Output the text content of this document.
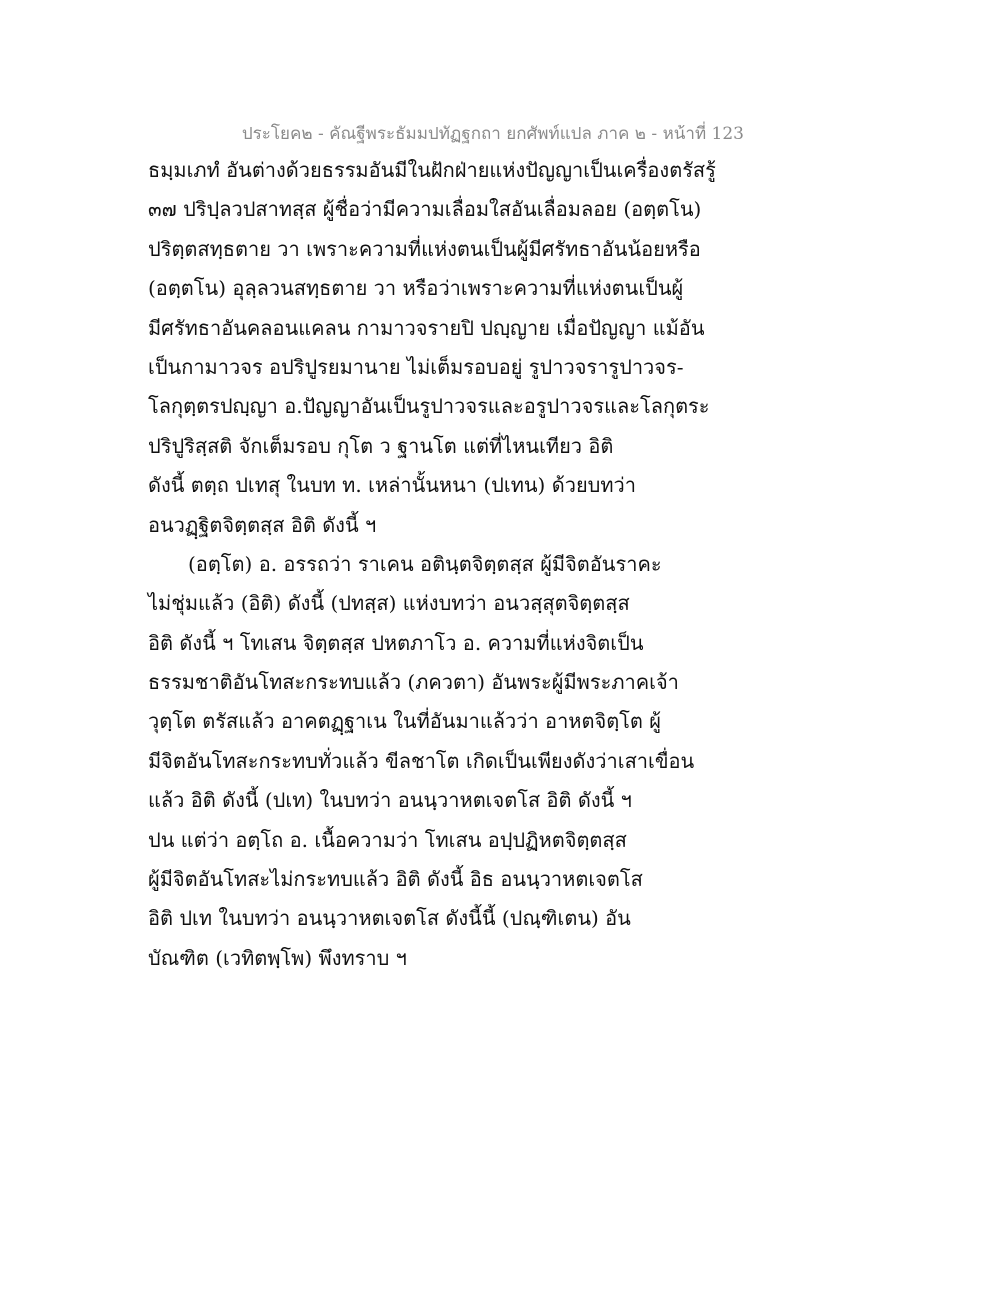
ประโยค๒ - คัณฐีพระธัมมปทัฏฐกถา ยกศัพท์แปล ภาค ๒ - หน้าที่ 123
ธมฺมเภทํ อันต่างด้วยธรรมอันมีในฝักฝ่ายแห่งปัญญาเป็นเครื่องตรัสรู้
๓๗ ปริปฺลวปสาทสฺส ผู้ชื่อว่ามีความเลื่อมใสอันเลื่อมลอย (อตฺตโน)
ปริตฺตสทฺธตาย วา เพราะความที่แห่งตนเป็นผู้มีศรัทธาอันน้อยหรือ
(อตฺตโน) อุลฺลวนสทฺธตาย วา หรือว่าเพราะความที่แห่งตนเป็นผู้
มีศรัทธาอันคลอนแคลน กามาวจรายปิ ปญฺญาย เมื่อปัญญา แม้อัน
เป็นกามาวจร อปริปูรยมานาย ไม่เต็มรอบอยู่ รูปาวจรารูปาวจร-
โลกุตฺตรปญฺญา อ.ปัญญาอันเป็นรูปาวจรและอรูปาวจรและโลกุตระ
ปริปูริสฺสติ จักเต็มรอบ กุโต ว ฐานโต แต่ที่ไหนเทียว อิติ
ดังนี้ ตตฺถ ปเทสุ ในบท ท. เหล่านั้นหนา (ปเทน) ด้วยบทว่า
อนวฏฺฐิตจิตฺตสฺส อิติ ดังนี้ ฯ
(อตฺโต) อ. อรรถว่า ราเคน อตินฺตจิตฺตสฺส ผู้มีจิตอันราคะ
ไม่ชุ่มแล้ว (อิติ) ดังนี้ (ปทสฺส) แห่งบทว่า อนวสฺสุตจิตฺตสฺส
อิติ ดังนี้ ฯ โทเสน จิตฺตสฺส ปหตภาโว อ. ความที่แห่งจิตเป็น
ธรรมชาติอันโทสะกระทบแล้ว (ภควตา) อันพระผู้มีพระภาคเจ้า
วุตฺโต ตรัสแล้ว อาคตฏฺฐาเน ในที่อันมาแล้วว่า อาหตจิตฺโต ผู้
มีจิตอันโทสะกระทบทั่วแล้ว ขีลชาโต เกิดเป็นเพียงดังว่าเสาเขื่อน
แล้ว อิติ ดังนี้ (ปเท) ในบทว่า อนนฺวาหตเจตโส อิติ ดังนี้ ฯ
ปน แต่ว่า อตฺโถ อ. เนื้อความว่า โทเสน อปฺปฏิหตจิตฺตสฺส
ผู้มีจิตอันโทสะไม่กระทบแล้ว อิติ ดังนี้ อิธ อนนฺวาหตเจตโส
อิติ ปเท ในบทว่า อนนฺวาหตเจตโส ดังนี้นี้ (ปณฺฑิเตน) อัน
บัณฑิต (เวทิตพฺโพ) พึงทราบ ฯ
